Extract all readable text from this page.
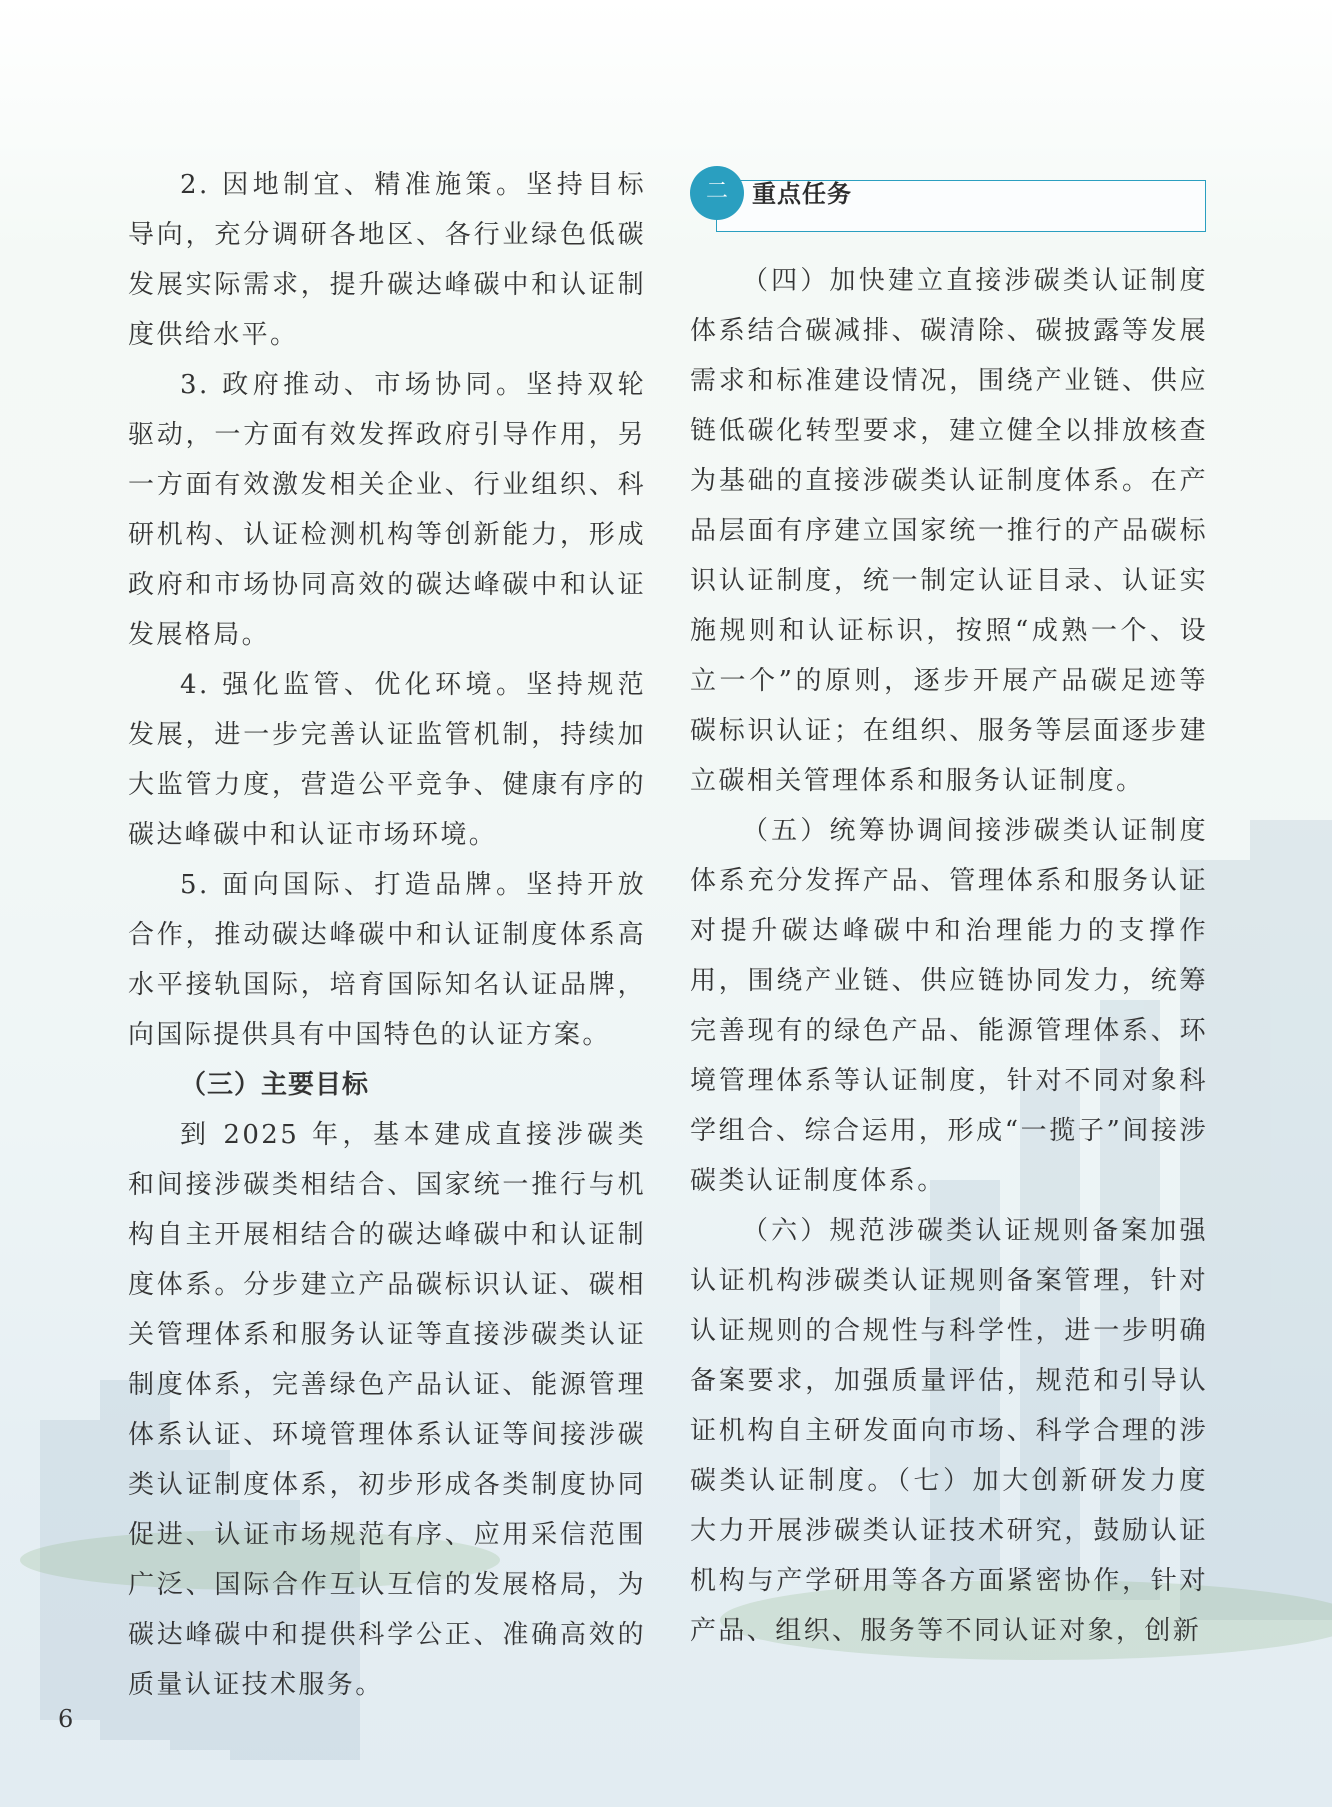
2. 因地制宜、精准施策。坚持目标导向，充分调研各地区、各行业绿色低碳发展实际需求，提升碳达峰碳中和认证制度供给水平。

3. 政府推动、市场协同。坚持双轮驱动，一方面有效发挥政府引导作用，另一方面有效激发相关企业、行业组织、科研机构、认证检测机构等创新能力，形成政府和市场协同高效的碳达峰碳中和认证发展格局。

4. 强化监管、优化环境。坚持规范发展，进一步完善认证监管机制，持续加大监管力度，营造公平竞争、健康有序的碳达峰碳中和认证市场环境。

5. 面向国际、打造品牌。坚持开放合作，推动碳达峰碳中和认证制度体系高水平接轨国际，培育国际知名认证品牌，向国际提供具有中国特色的认证方案。

（三）主要目标

到 2025 年，基本建成直接涉碳类和间接涉碳类相结合、国家统一推行与机构自主开展相结合的碳达峰碳中和认证制度体系。分步建立产品碳标识认证、碳相关管理体系和服务认证等直接涉碳类认证制度体系，完善绿色产品认证、能源管理体系认证、环境管理体系认证等间接涉碳类认证制度体系，初步形成各类制度协同促进、认证市场规范有序、应用采信范围广泛、国际合作互认互信的发展格局，为碳达峰碳中和提供科学公正、准确高效的质量认证技术服务。

重点任务
二

（四）加快建立直接涉碳类认证制度体系结合碳减排、碳清除、碳披露等发展需求和标准建设情况，围绕产业链、供应链低碳化转型要求，建立健全以排放核查为基础的直接涉碳类认证制度体系。在产品层面有序建立国家统一推行的产品碳标识认证制度，统一制定认证目录、认证实施规则和认证标识，按照“成熟一个、设立一个”的原则，逐步开展产品碳足迹等碳标识认证；在组织、服务等层面逐步建立碳相关管理体系和服务认证制度。

（五）统筹协调间接涉碳类认证制度体系充分发挥产品、管理体系和服务认证对提升碳达峰碳中和治理能力的支撑作用，围绕产业链、供应链协同发力，统筹完善现有的绿色产品、能源管理体系、环境管理体系等认证制度，针对不同对象科学组合、综合运用，形成“一揽子”间接涉碳类认证制度体系。

（六）规范涉碳类认证规则备案加强认证机构涉碳类认证规则备案管理，针对认证规则的合规性与科学性，进一步明确备案要求，加强质量评估，规范和引导认证机构自主研发面向市场、科学合理的涉碳类认证制度。（七）加大创新研发力度大力开展涉碳类认证技术研究，鼓励认证机构与产学研用等各方面紧密协作，针对产品、组织、服务等不同认证对象，创新

6
